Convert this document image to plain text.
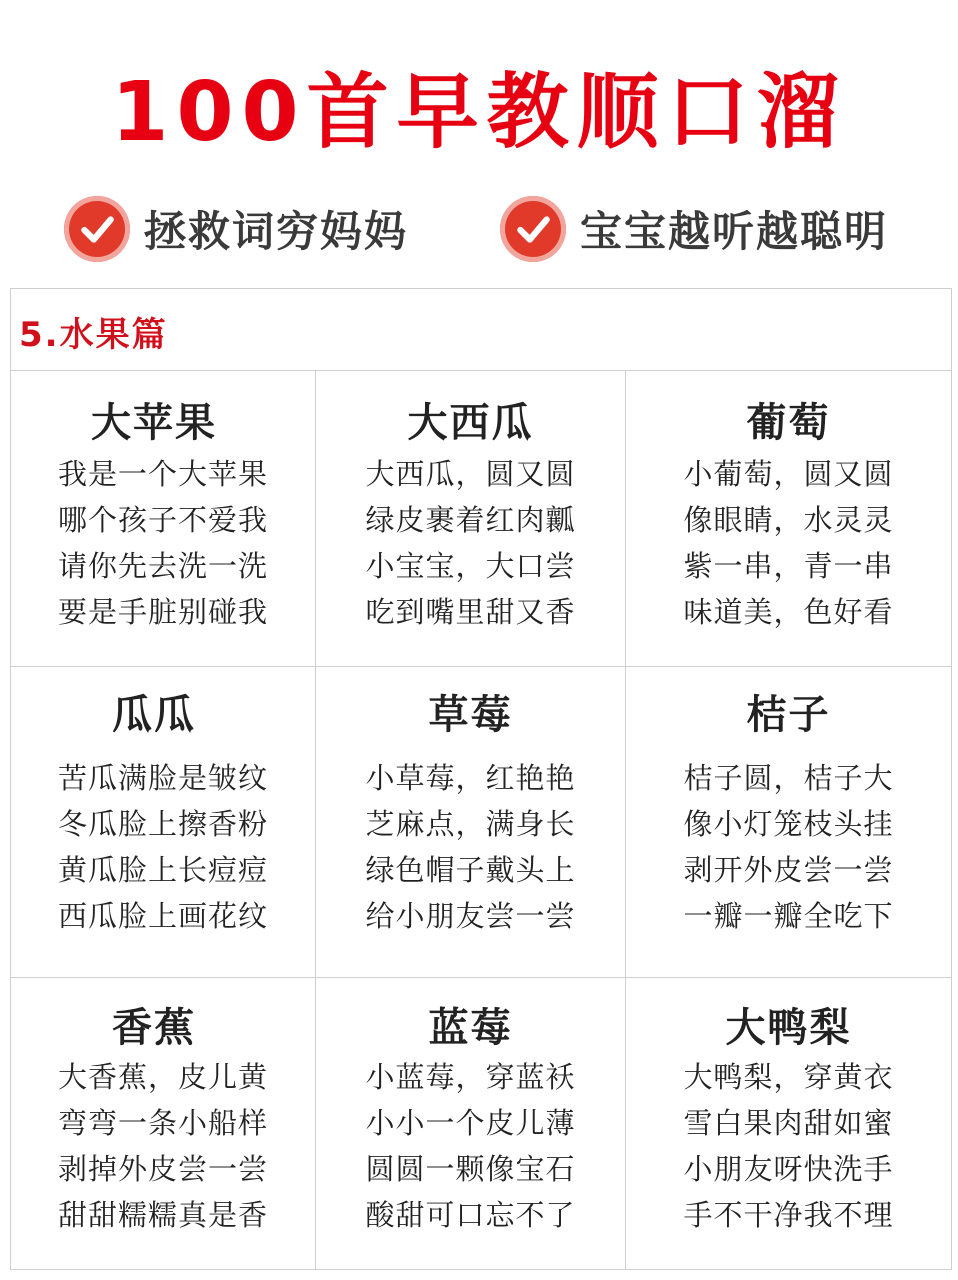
100首早教顺口溜
拯救词穷妈妈	宝宝越听越聪明
5.水果篇
大苹果
我是一个大苹果
哪个孩子不爱我
请你先去洗一洗
要是手脏别碰我
大西瓜
大西瓜，圆又圆
绿皮裹着红肉瓤
小宝宝，大口尝
吃到嘴里甜又香
葡萄
小葡萄，圆又圆
像眼睛，水灵灵
紫一串，青一串
味道美，色好看
瓜瓜
苦瓜满脸是皱纹
冬瓜脸上擦香粉
黄瓜脸上长痘痘
西瓜脸上画花纹
草莓
小草莓，红艳艳
芝麻点，满身长
绿色帽子戴头上
给小朋友尝一尝
桔子
桔子圆，桔子大
像小灯笼枝头挂
剥开外皮尝一尝
一瓣一瓣全吃下
香蕉
大香蕉，皮儿黄
弯弯一条小船样
剥掉外皮尝一尝
甜甜糯糯真是香
蓝莓
小蓝莓，穿蓝袄
小小一个皮儿薄
圆圆一颗像宝石
酸甜可口忘不了
大鸭梨
大鸭梨，穿黄衣
雪白果肉甜如蜜
小朋友呀快洗手
手不干净我不理
